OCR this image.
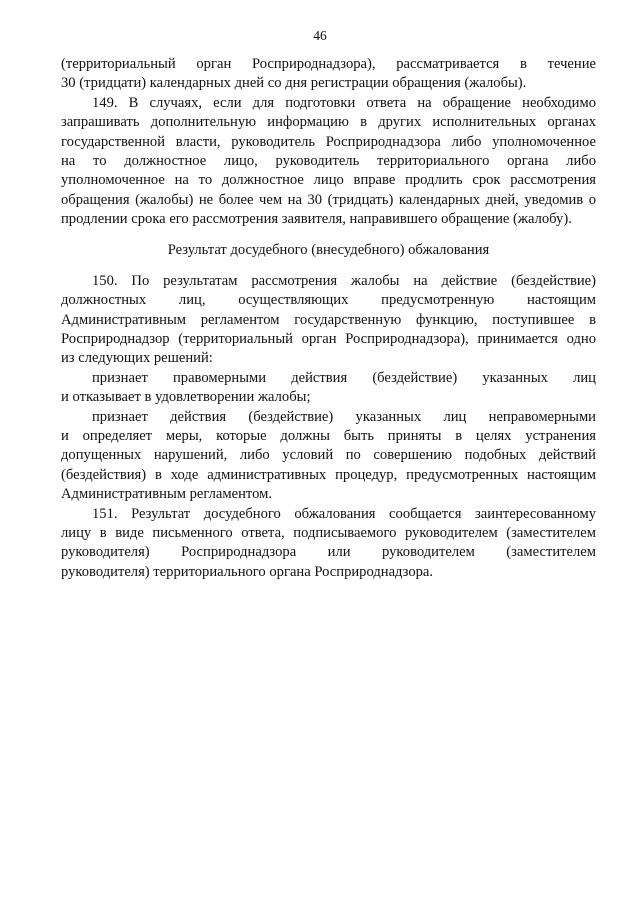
46
(территориальный орган Росприроднадзора), рассматривается в течение
30 (тридцати) календарных дней со дня регистрации обращения (жалобы).
149. В случаях, если для подготовки ответа на обращение необходимо
запрашивать дополнительную информацию в других исполнительных органах
государственной власти, руководитель Росприроднадзора либо уполномоченное
на то должностное лицо, руководитель территориального органа либо
уполномоченное на то должностное лицо вправе продлить срок рассмотрения
обращения (жалобы) не более чем на 30 (тридцать) календарных дней, уведомив о
продлении срока его рассмотрения заявителя, направившего обращение (жалобу).
Результат досудебного (внесудебного) обжалования
150. По результатам рассмотрения жалобы на действие (бездействие)
должностных лиц, осуществляющих предусмотренную настоящим
Административным регламентом государственную функцию, поступившее в
Росприроднадзор (территориальный орган Росприроднадзора), принимается одно
из следующих решений:
признает правомерными действия (бездействие) указанных лиц
и отказывает в удовлетворении жалобы;
признает действия (бездействие) указанных лиц неправомерными
и определяет меры, которые должны быть приняты в целях устранения
допущенных нарушений, либо условий по совершению подобных действий
(бездействия) в ходе административных процедур, предусмотренных настоящим
Административным регламентом.
151. Результат досудебного обжалования сообщается заинтересованному
лицу в виде письменного ответа, подписываемого руководителем (заместителем
руководителя) Росприроднадзора или руководителем (заместителем
руководителя) территориального органа Росприроднадзора.
